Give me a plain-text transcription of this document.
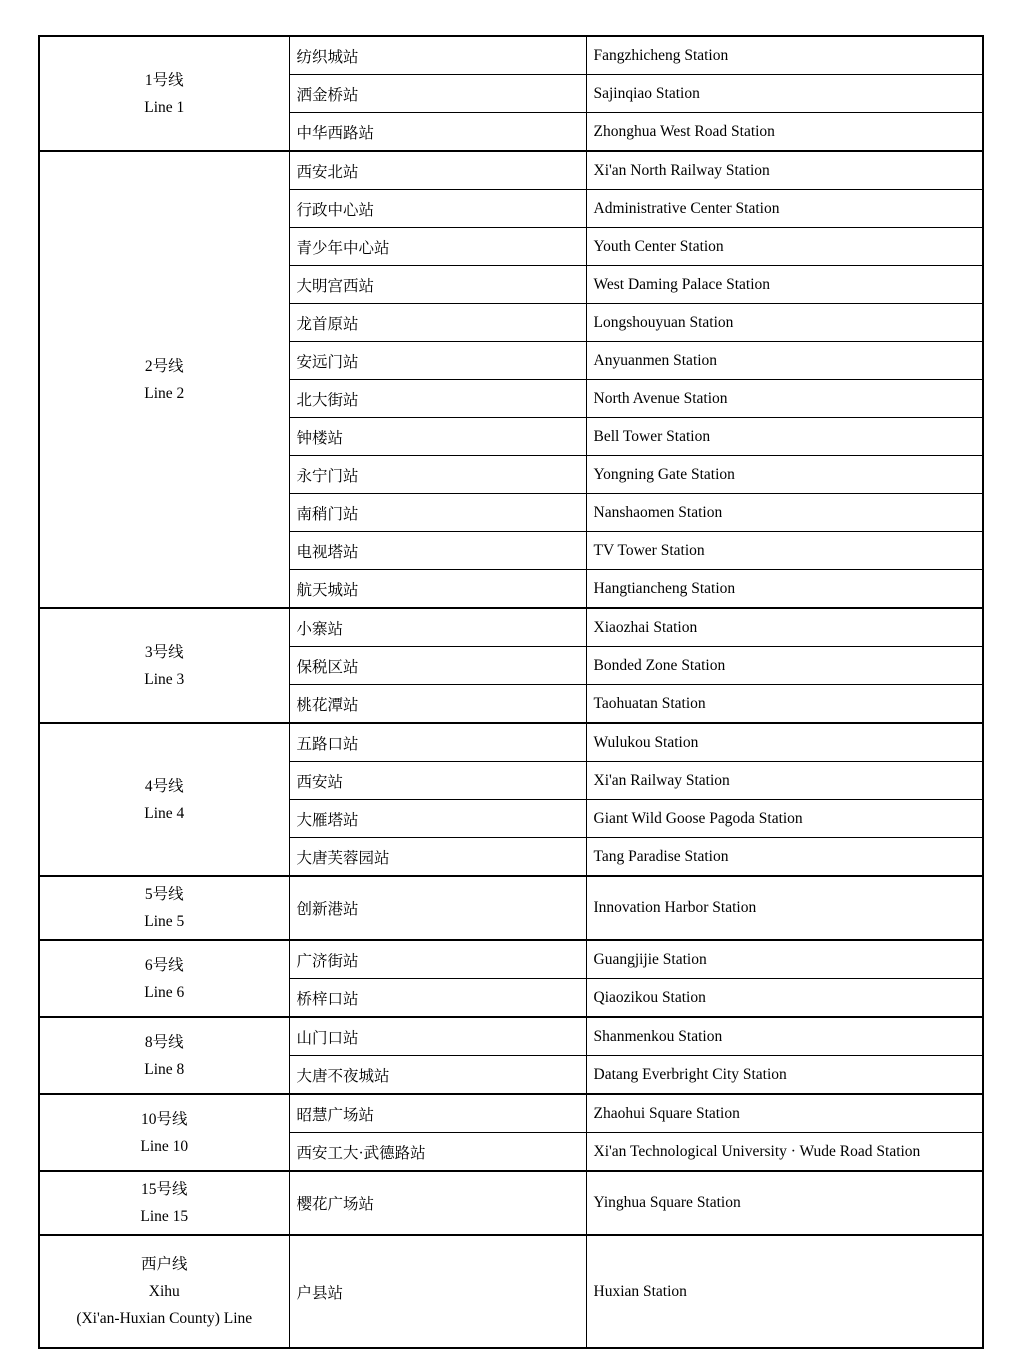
1号线
Line 1	纺织城站	Fangzhicheng Station
	洒金桥站	Sajinqiao Station
	中华西路站	Zhonghua West Road Station

2号线
Line 2	西安北站	Xi'an North Railway Station
	行政中心站	Administrative Center Station
	青少年中心站	Youth Center Station
	大明宫西站	West Daming Palace Station
	龙首原站	Longshouyuan Station
	安远门站	Anyuanmen Station
	北大街站	North Avenue Station
	钟楼站	Bell Tower Station
	永宁门站	Yongning Gate Station
	南稍门站	Nanshaomen Station
	电视塔站	TV Tower Station
	航天城站	Hangtiancheng Station

3号线
Line 3	小寨站	Xiaozhai Station
	保税区站	Bonded Zone Station
	桃花潭站	Taohuatan Station

4号线
Line 4	五路口站	Wulukou Station
	西安站	Xi'an Railway Station
	大雁塔站	Giant Wild Goose Pagoda Station
	大唐芙蓉园站	Tang Paradise Station

5号线
Line 5	创新港站	Innovation Harbor Station

6号线
Line 6	广济街站	Guangjijie Station
	桥梓口站	Qiaozikou Station

8号线
Line 8	山门口站	Shanmenkou Station
	大唐不夜城站	Datang Everbright City Station

10号线
Line 10	昭慧广场站	Zhaohui Square Station
	西安工大·武德路站	Xi'an Technological University · Wude Road Station

15号线
Line 15	樱花广场站	Yinghua Square Station

西户线
Xihu
(Xi'an-Huxian County) Line	户县站	Huxian Station
